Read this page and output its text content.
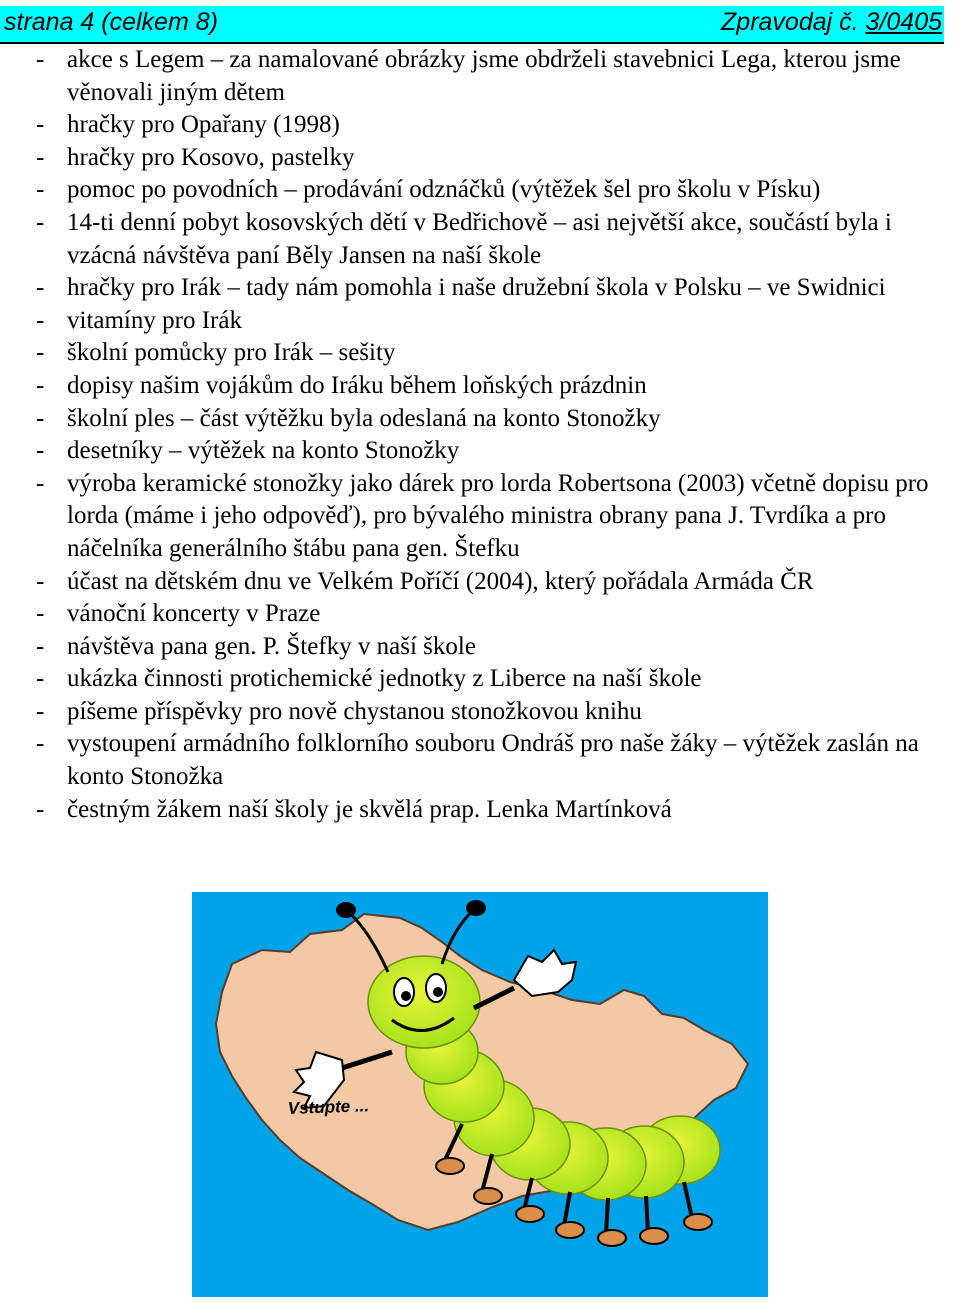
strana 4 (celkem 8)	Zpravodaj č. 3/0405
- akce s Legem – za namalované obrázky jsme obdrželi stavebnici Lega, kterou jsme věnovali jiným dětem
- hračky pro Opařany (1998)
- hračky pro Kosovo, pastelky
- pomoc po povodních – prodávání odznáčků (výtěžek šel pro školu v Písku)
- 14-ti denní pobyt kosovských dětí v Bedřichově – asi největší akce, součástí byla i vzácná návštěva paní Běly Jansen na naší škole
- hračky pro Irák – tady nám pomohla i naše družební škola v Polsku – ve Swidnici
- vitamíny pro Irák
- školní pomůcky pro Irák – sešity
- dopisy našim vojákům do Iráku během loňských prázdnin
- školní ples – část výtěžku byla odeslaná na konto Stonožky
- desetníky – výtěžek na konto Stonožky
- výroba keramické stonožky jako dárek pro lorda Robertsona (2003) včetně dopisu pro lorda (máme i jeho odpověď), pro bývalého ministra obrany pana J. Tvrdíka a pro náčelníka generálního štábu pana gen. Štefku
- účast na dětském dnu ve Velkém Poříčí (2004), který pořádala Armáda ČR
- vánoční koncerty v Praze
- návštěva pana gen. P. Štefky v naší škole
- ukázka činnosti protichemické jednotky z Liberce na naší škole
- píšeme příspěvky pro nově chystanou stonožkovou knihu
- vystoupení armádního folklorního souboru Ondráš pro naše žáky – výtěžek zaslán na konto Stonožka
- čestným žákem naší školy je skvělá prap. Lenka Martínková
Vstupte ...
